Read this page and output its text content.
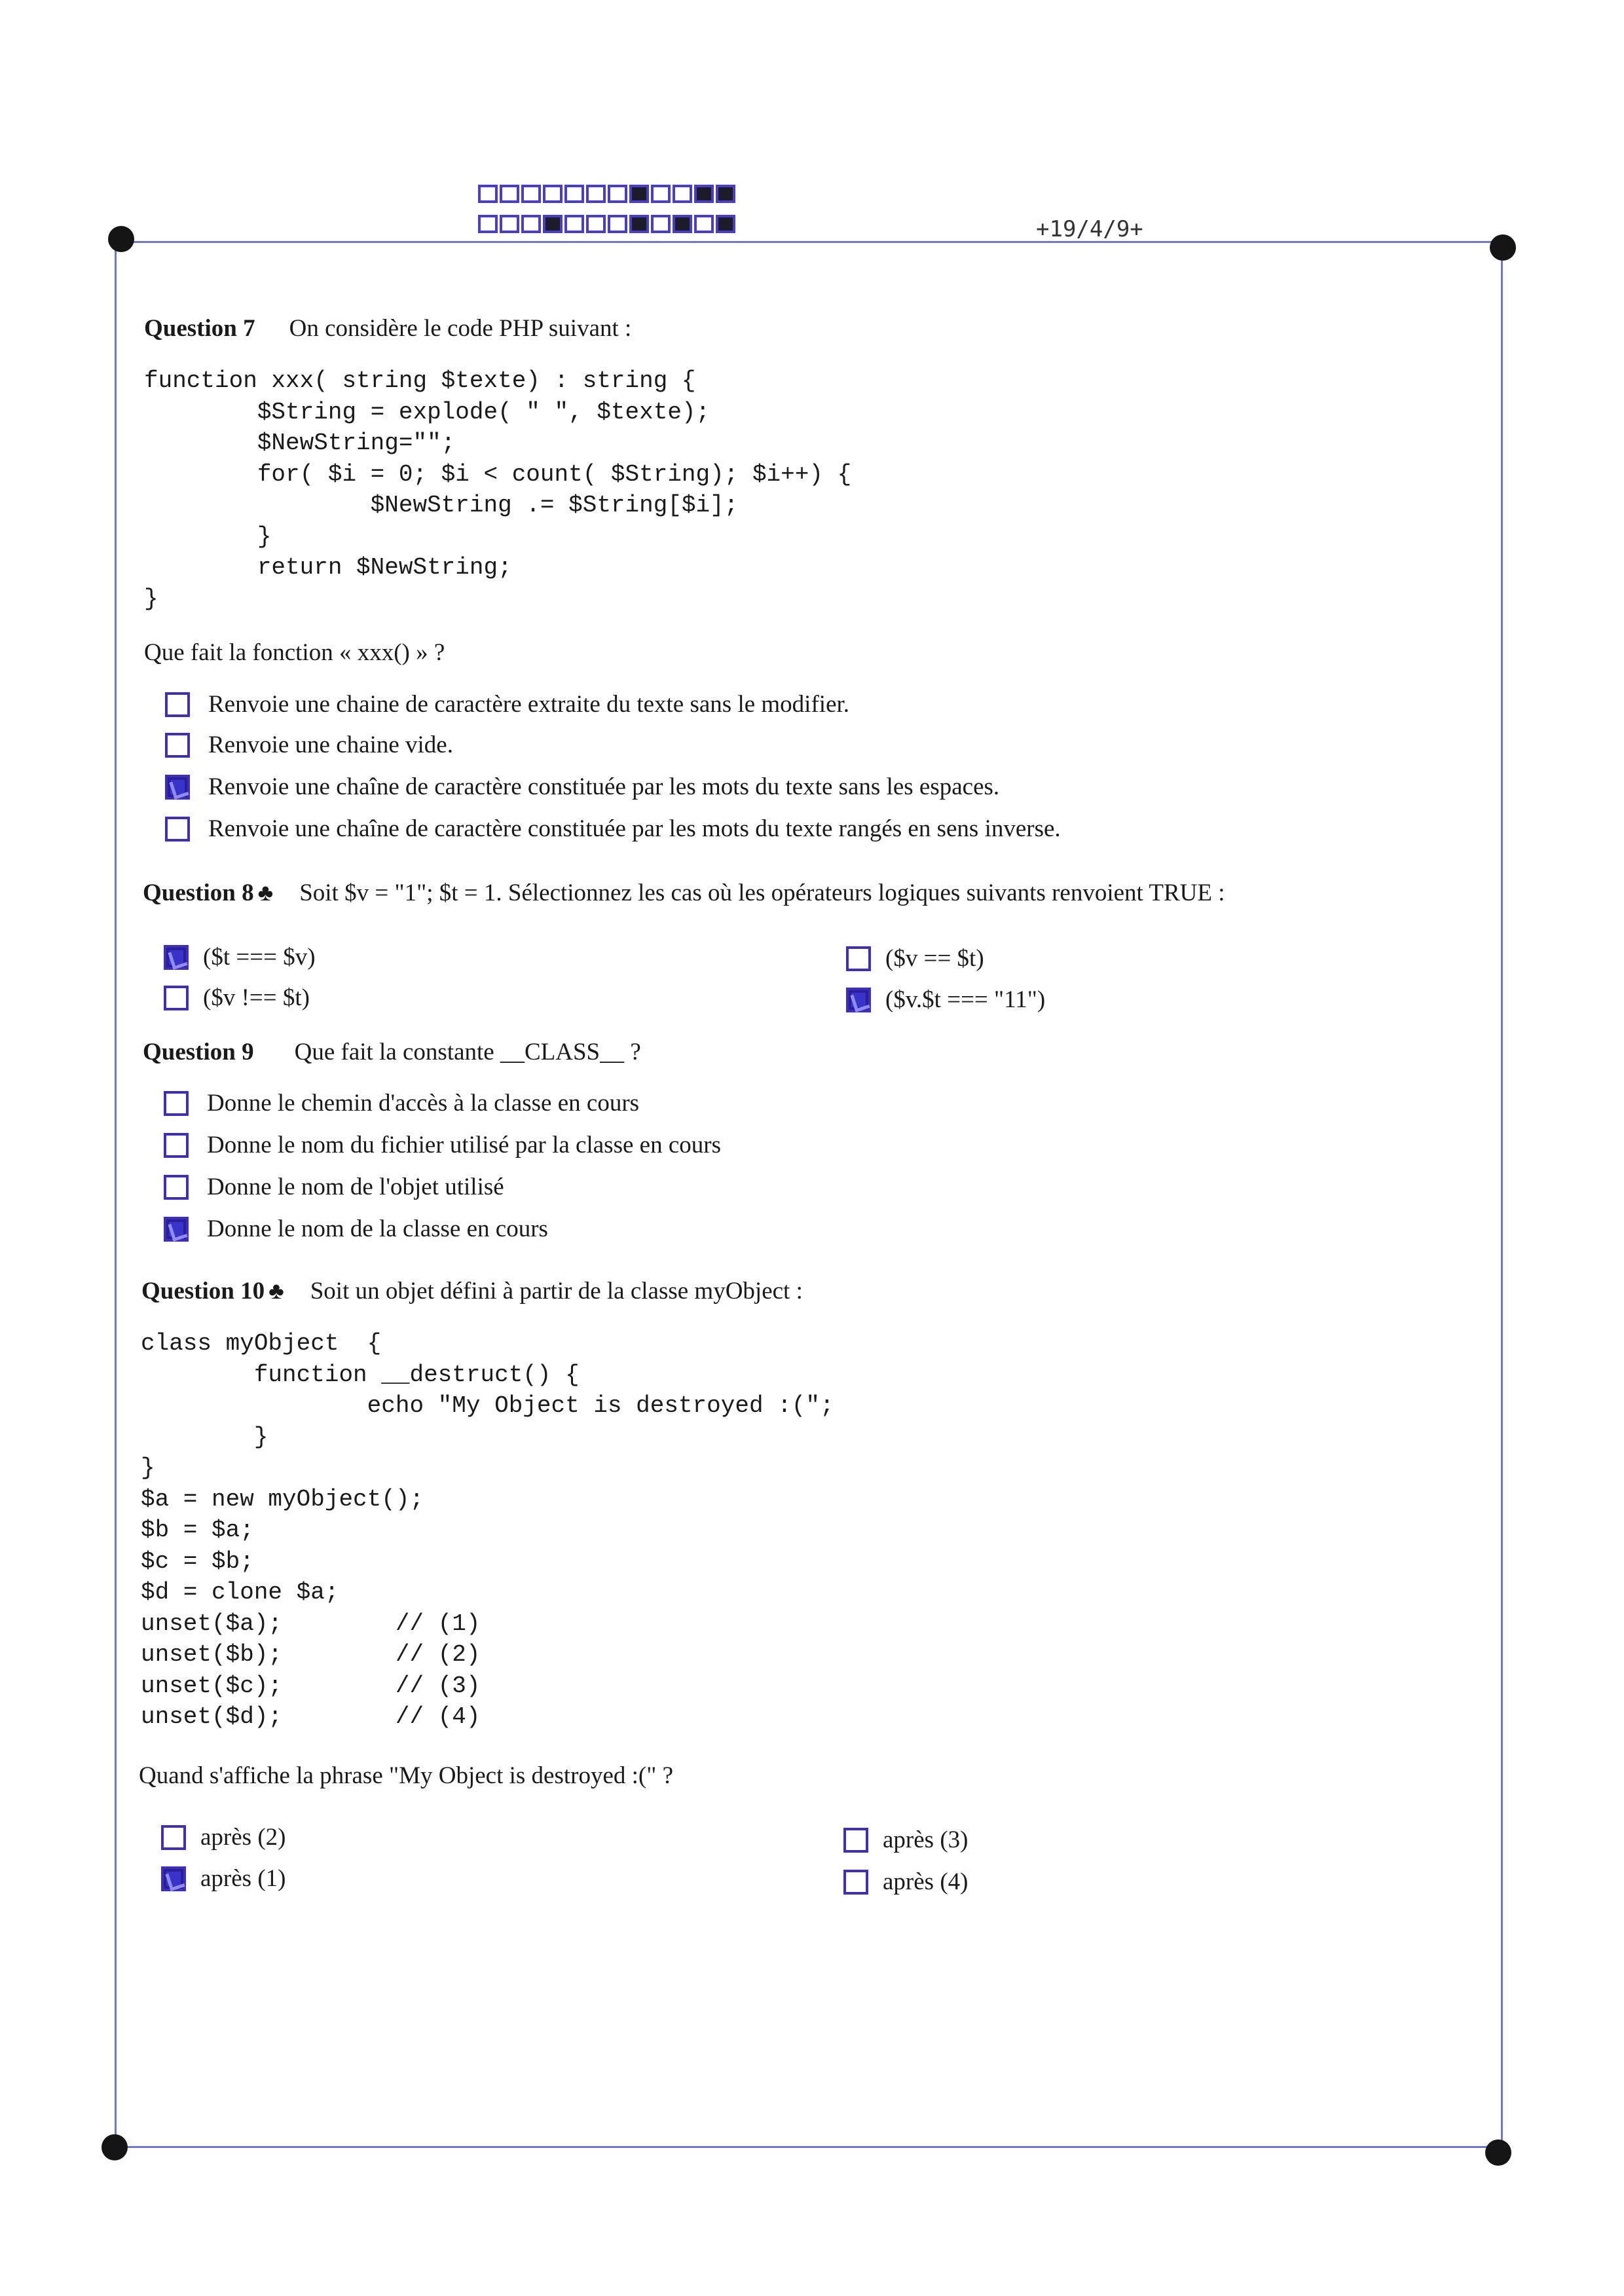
+19/4/9+
Question 7 On considère le code PHP suivant :
function xxx( string $texte) : string {
$String = explode( " ", $texte);
$NewString="";
for( $i = 0; $i < count( $String); $i++) {
$NewString .= $String[$i];
}
return $NewString;
}
Que fait la fonction « xxx() » ?
Renvoie une chaine de caractère extraite du texte sans le modifier.
Renvoie une chaine vide.
Renvoie une chaîne de caractère constituée par les mots du texte sans les espaces.
Renvoie une chaîne de caractère constituée par les mots du texte rangés en sens inverse.
Question 8 ♣ Soit $v = "1"; $t = 1. Sélectionnez les cas où les opérateurs logiques suivants renvoient TRUE :
($t === $v)
($v !== $t)
($v == $t)
($v.$t === "11")
Question 9 Que fait la constante __CLASS__ ?
Donne le chemin d'accès à la classe en cours
Donne le nom du fichier utilisé par la classe en cours
Donne le nom de l'objet utilisé
Donne le nom de la classe en cours
Question 10 ♣ Soit un objet défini à partir de la classe myObject :
class myObject  {
function __destruct() {
echo "My Object is destroyed :(";
}
}
$a = new myObject();
$b = $a;
$c = $b;
$d = clone $a;
unset($a);        // (1)
unset($b);        // (2)
unset($c);        // (3)
unset($d);        // (4)
Quand s'affiche la phrase "My Object is destroyed :(" ?
après (2)
après (1)
après (3)
après (4)
